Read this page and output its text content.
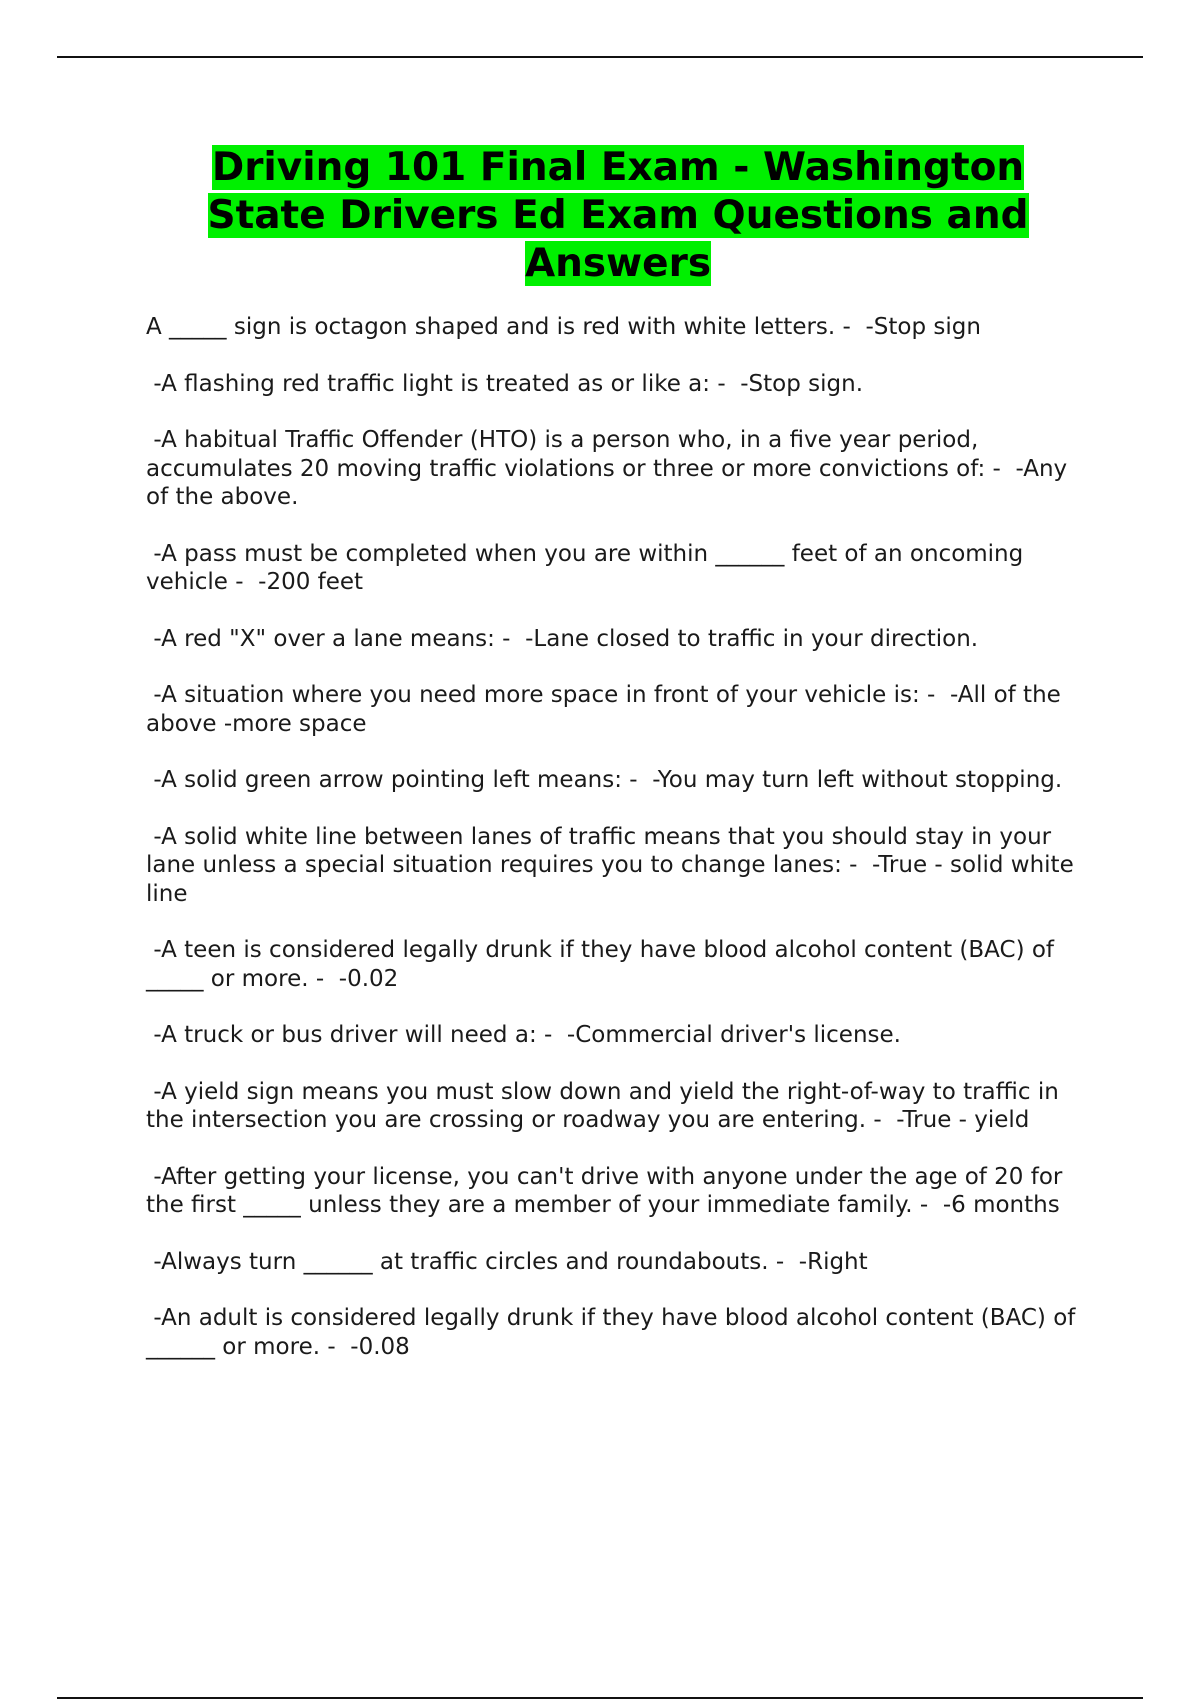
Driving 101 Final Exam - Washington State Drivers Ed Exam Questions and Answers

A _____ sign is octagon shaped and is red with white letters. -  -Stop sign

-A flashing red traffic light is treated as or like a: -  -Stop sign.

-A habitual Traffic Offender (HTO) is a person who, in a five year period, accumulates 20 moving traffic violations or three or more convictions of: -  -Any of the above.

-A pass must be completed when you are within ______ feet of an oncoming vehicle -  -200 feet

-A red "X" over a lane means: -  -Lane closed to traffic in your direction.

-A situation where you need more space in front of your vehicle is: -  -All of the above -more space

-A solid green arrow pointing left means: -  -You may turn left without stopping.

-A solid white line between lanes of traffic means that you should stay in your lane unless a special situation requires you to change lanes: -  -True - solid white line

-A teen is considered legally drunk if they have blood alcohol content (BAC) of _____ or more. -  -0.02

-A truck or bus driver will need a: -  -Commercial driver's license.

-A yield sign means you must slow down and yield the right-of-way to traffic in the intersection you are crossing or roadway you are entering. -  -True - yield

-After getting your license, you can't drive with anyone under the age of 20 for the first _____ unless they are a member of your immediate family. -  -6 months

-Always turn ______ at traffic circles and roundabouts. -  -Right

-An adult is considered legally drunk if they have blood alcohol content (BAC) of ______ or more. -  -0.08
